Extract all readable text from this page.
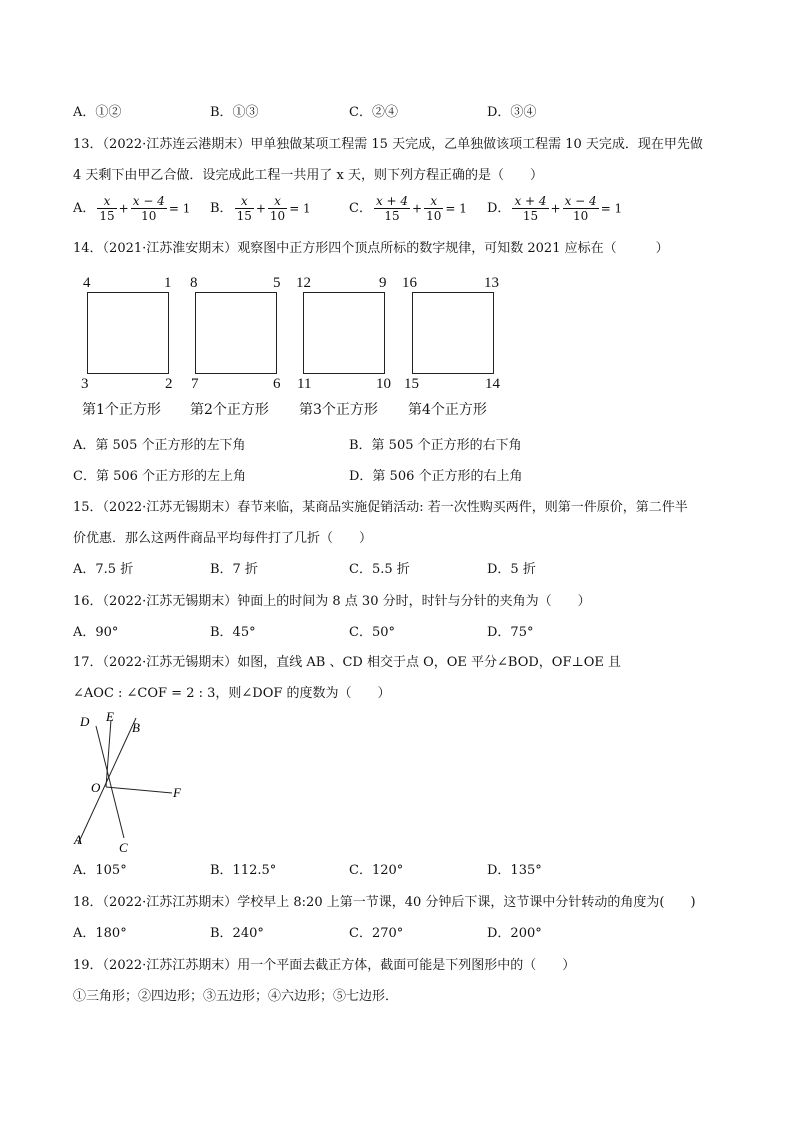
A．①②	B．①③	C．②④	D．③④
13．（2022·江苏连云港期末）甲单独做某项工程需 15 天完成，乙单独做该项工程需 10 天完成．现在甲先做
4 天剩下由甲乙合做．设完成此工程一共用了 x 天，则下列方程正确的是（　　）
A． $\frac{x}{15} + \frac{x - 4}{10} = 1$ B． $\frac{x}{15} + \frac{x}{10} = 1$	C． $\frac{x + 4}{15} + \frac{x}{10} = 1$ D． $\frac{x + 4}{15} + \frac{x - 4}{10} = 1$
14．（2021·江苏淮安期末）观察图中正方形四个顶点所标的数字规律，可知数 2021 应标在（　　　）
4	1
3	2
第1个正方形
8	5
7	6
第2个正方形
12	9
11	10
第3个正方形
16	13
15	14
第4个正方形
A．第 505 个正方形的左下角	B．第 505 个正方形的右下角
C．第 506 个正方形的左上角	D．第 506 个正方形的右上角
15．（2022·江苏无锡期末）春节来临，某商品实施促销活动: 若一次性购买两件，则第一件原价，第二件半
价优惠．那么这两件商品平均每件打了几折（　　）
A．7.5 折	B．7 折	C．5.5 折	D．5 折
16．（2022·江苏无锡期末）钟面上的时间为 8 点 30 分时，时针与分针的夹角为（　　）
A．90°	B．45°	C．50°	D．75°
17．（2022·江苏无锡期末）如图，直线 AB 、CD 相交于点 O，OE 平分∠BOD，OF⊥OE 且
∠AOC : ∠COF = 2 : 3，则∠DOF 的度数为（　　）
D E
B
O	F
A
C
A．105°	B．112.5°	C．120°	D．135°
18．（2022·江苏江苏期末）学校早上 8:20 上第一节课，40 分钟后下课，这节课中分针转动的角度为(　　)
A．180°	B．240°	C．270°	D．200°
19．（2022·江苏江苏期末）用一个平面去截正方体，截面可能是下列图形中的（　　）
①三角形；②四边形；③五边形；④六边形；⑤七边形．
